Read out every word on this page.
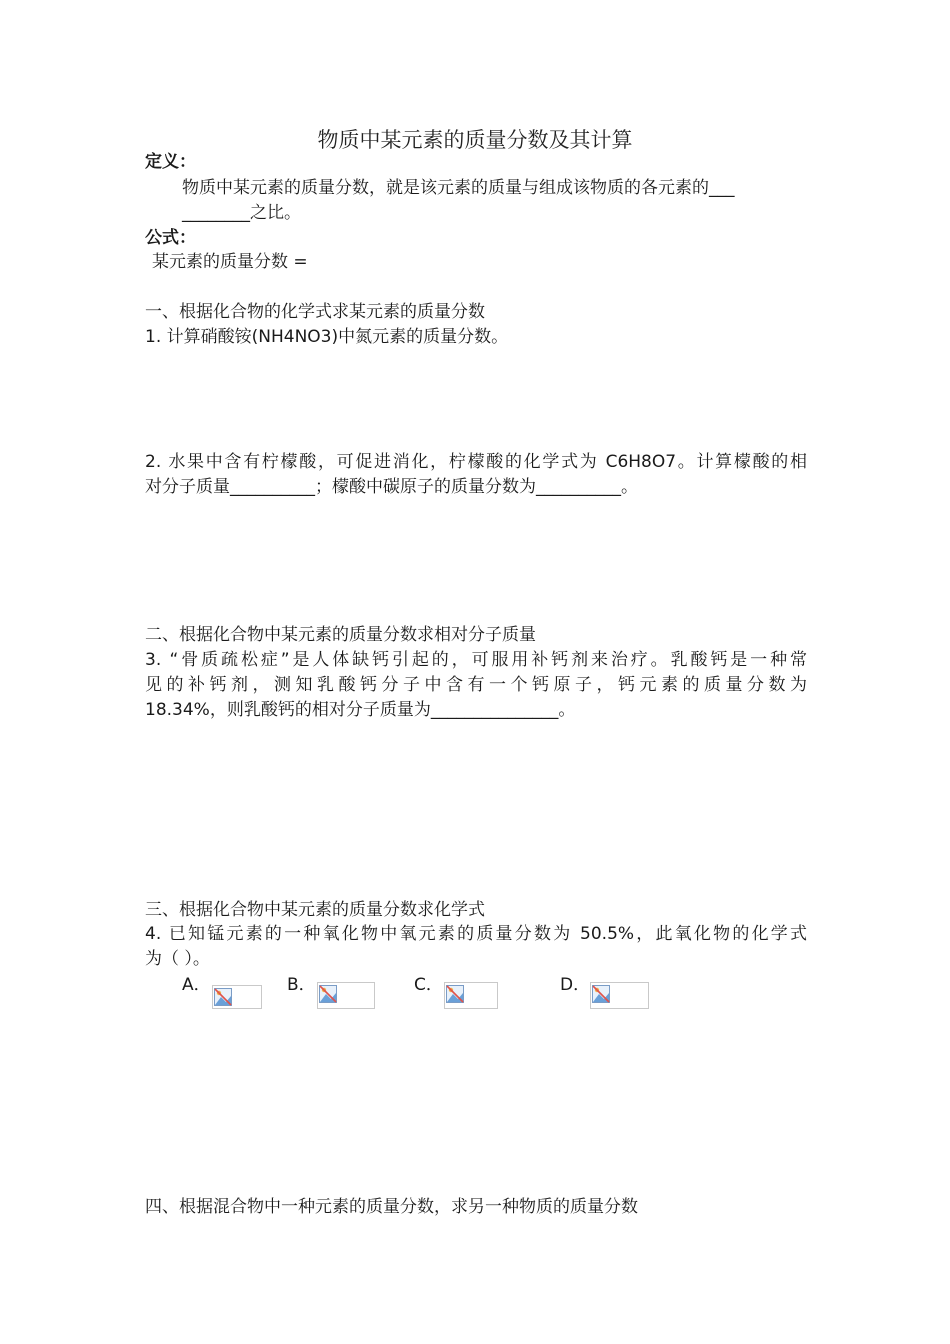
物质中某元素的质量分数及其计算
定义：
物质中某元素的质量分数，就是该元素的质量与组成该物质的各元素的___
________之比。
公式：
某元素的质量分数 =
一、根据化合物的化学式求某元素的质量分数
1. 计算硝酸铵(NH4NO3)中氮元素的质量分数。
2. 水果中含有柠檬酸，可促进消化，柠檬酸的化学式为 C6H8O7。计算檬酸的相
对分子质量__________；檬酸中碳原子的质量分数为__________。
二、根据化合物中某元素的质量分数求相对分子质量
3. “骨质疏松症”是人体缺钙引起的，可服用补钙剂来治疗。乳酸钙是一种常
见的补钙剂，测知乳酸钙分子中含有一个钙原子，钙元素的质量分数为
18.34%，则乳酸钙的相对分子质量为_______________。
三、根据化合物中某元素的质量分数求化学式
4. 已知锰元素的一种氧化物中氧元素的质量分数为 50.5%，此氧化物的化学式
为（ ）。
A．	B．	C．	D．
四、根据混合物中一种元素的质量分数，求另一种物质的质量分数
